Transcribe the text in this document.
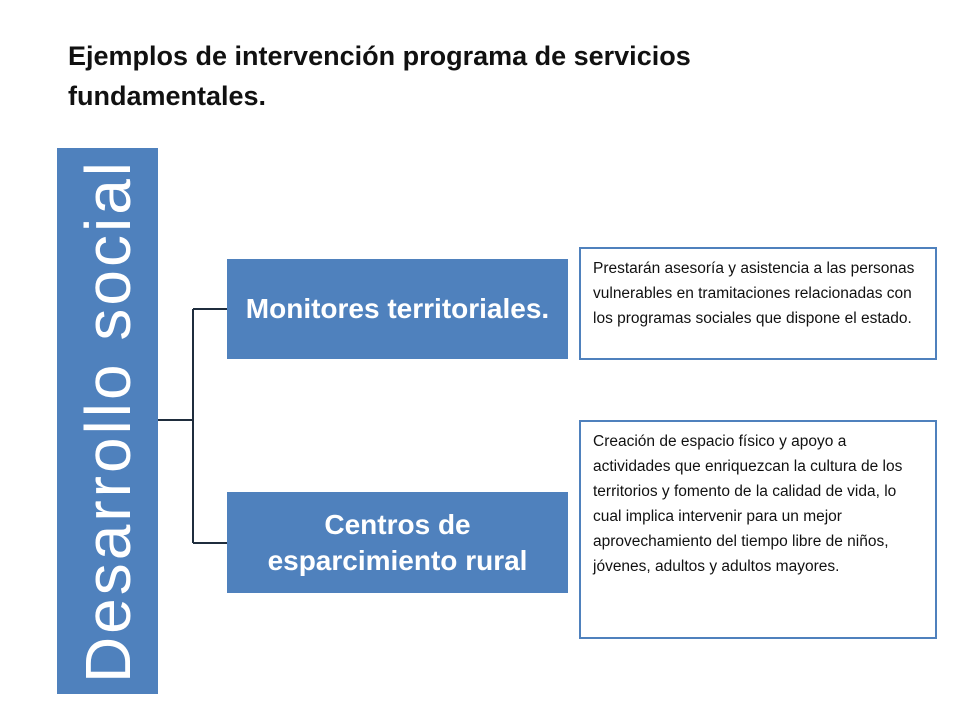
Ejemplos de intervención programa de servicios fundamentales.
Desarrollo social	Monitores territoriales.
Centros de esparcimiento rural
Prestarán asesoría y asistencia a las personas vulnerables en tramitaciones relacionadas con los programas sociales que dispone el estado.
Creación de espacio físico y apoyo a actividades que enriquezcan la cultura de los territorios y fomento de la calidad de vida, lo cual implica intervenir para un mejor aprovechamiento del tiempo libre de niños, jóvenes, adultos y adultos mayores.
